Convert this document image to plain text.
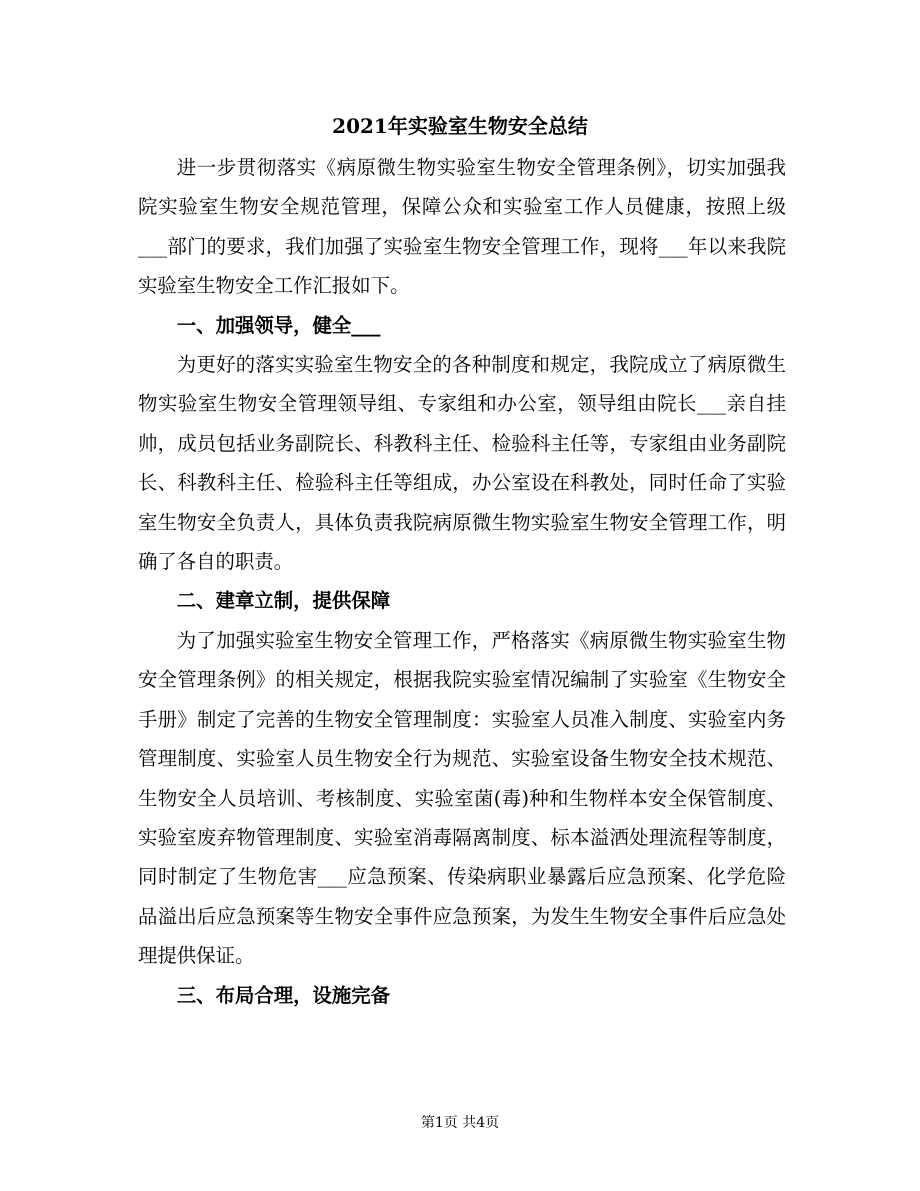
2021年实验室生物安全总结

进一步贯彻落实《病原微生物实验室生物安全管理条例》，切实加强我院实验室生物安全规范管理，保障公众和实验室工作人员健康，按照上级___部门的要求，我们加强了实验室生物安全管理工作，现将___年以来我院实验室生物安全工作汇报如下。

一、加强领导，健全___

为更好的落实实验室生物安全的各种制度和规定，我院成立了病原微生物实验室生物安全管理领导组、专家组和办公室，领导组由院长___亲自挂帅，成员包括业务副院长、科教科主任、检验科主任等，专家组由业务副院长、科教科主任、检验科主任等组成，办公室设在科教处，同时任命了实验室生物安全负责人，具体负责我院病原微生物实验室生物安全管理工作，明确了各自的职责。

二、建章立制，提供保障

为了加强实验室生物安全管理工作，严格落实《病原微生物实验室生物安全管理条例》的相关规定，根据我院实验室情况编制了实验室《生物安全手册》制定了完善的生物安全管理制度：实验室人员准入制度、实验室内务管理制度、实验室人员生物安全行为规范、实验室设备生物安全技术规范、生物安全人员培训、考核制度、实验室菌(毒)种和生物样本安全保管制度、实验室废弃物管理制度、实验室消毒隔离制度、标本溢洒处理流程等制度，同时制定了生物危害___应急预案、传染病职业暴露后应急预案、化学危险品溢出后应急预案等生物安全事件应急预案，为发生生物安全事件后应急处理提供保证。

三、布局合理，设施完备

第1页 共4页
